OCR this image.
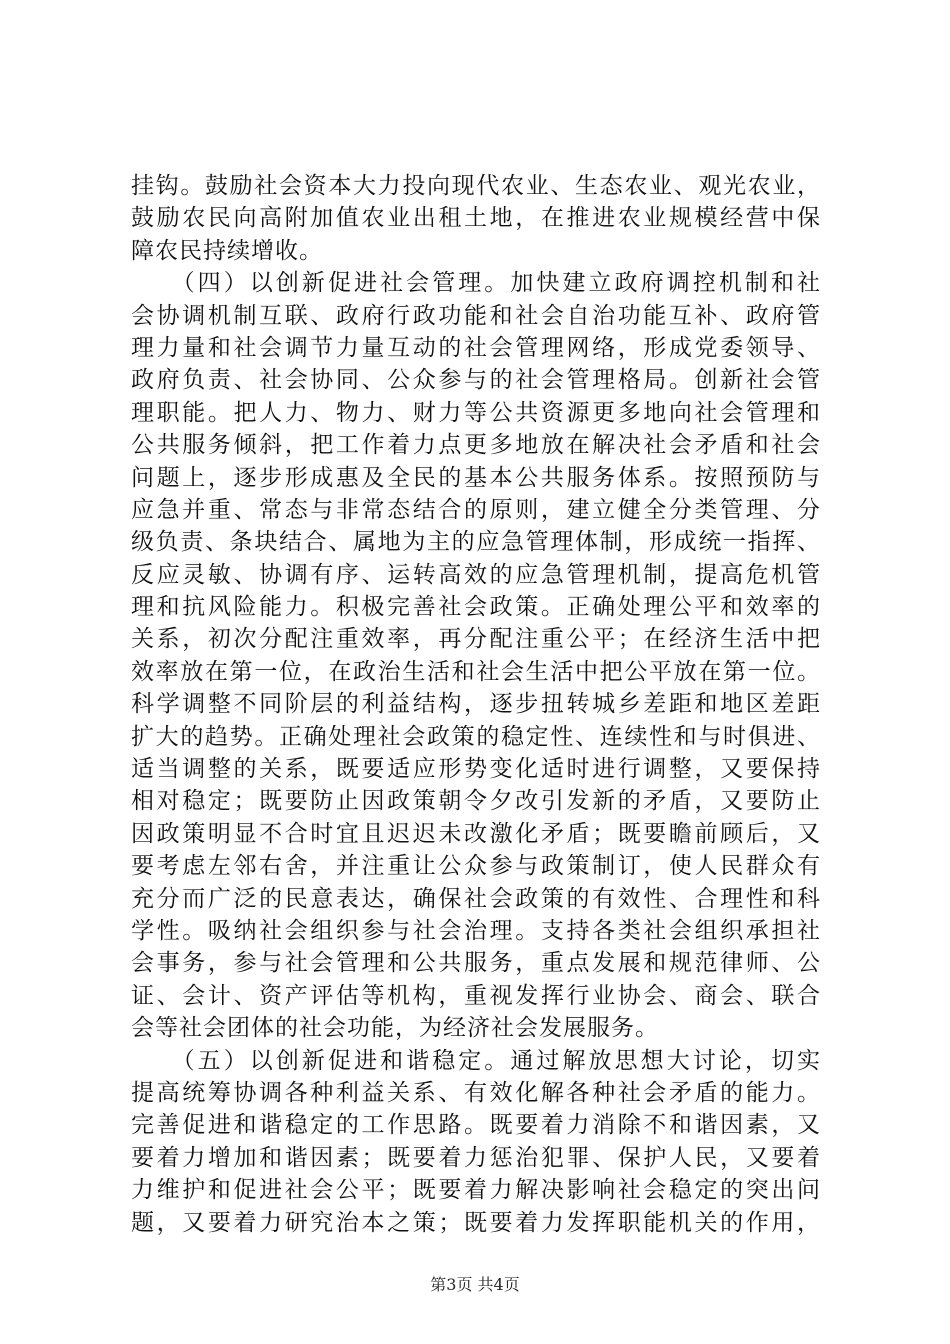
挂钩。鼓励社会资本大力投向现代农业、生态农业、观光农业，
鼓励农民向高附加值农业出租土地，在推进农业规模经营中保
障农民持续增收。
　　（四）以创新促进社会管理。加快建立政府调控机制和社
会协调机制互联、政府行政功能和社会自治功能互补、政府管
理力量和社会调节力量互动的社会管理网络，形成党委领导、
政府负责、社会协同、公众参与的社会管理格局。创新社会管
理职能。把人力、物力、财力等公共资源更多地向社会管理和
公共服务倾斜，把工作着力点更多地放在解决社会矛盾和社会
问题上，逐步形成惠及全民的基本公共服务体系。按照预防与
应急并重、常态与非常态结合的原则，建立健全分类管理、分
级负责、条块结合、属地为主的应急管理体制，形成统一指挥、
反应灵敏、协调有序、运转高效的应急管理机制，提高危机管
理和抗风险能力。积极完善社会政策。正确处理公平和效率的
关系，初次分配注重效率，再分配注重公平；在经济生活中把
效率放在第一位，在政治生活和社会生活中把公平放在第一位。
科学调整不同阶层的利益结构，逐步扭转城乡差距和地区差距
扩大的趋势。正确处理社会政策的稳定性、连续性和与时俱进、
适当调整的关系，既要适应形势变化适时进行调整，又要保持
相对稳定；既要防止因政策朝令夕改引发新的矛盾，又要防止
因政策明显不合时宜且迟迟未改激化矛盾；既要瞻前顾后，又
要考虑左邻右舍，并注重让公众参与政策制订，使人民群众有
充分而广泛的民意表达，确保社会政策的有效性、合理性和科
学性。吸纳社会组织参与社会治理。支持各类社会组织承担社
会事务，参与社会管理和公共服务，重点发展和规范律师、公
证、会计、资产评估等机构，重视发挥行业协会、商会、联合
会等社会团体的社会功能，为经济社会发展服务。
　　（五）以创新促进和谐稳定。通过解放思想大讨论，切实
提高统筹协调各种利益关系、有效化解各种社会矛盾的能力。
完善促进和谐稳定的工作思路。既要着力消除不和谐因素，又
要着力增加和谐因素；既要着力惩治犯罪、保护人民，又要着
力维护和促进社会公平；既要着力解决影响社会稳定的突出问
题，又要着力研究治本之策；既要着力发挥职能机关的作用，
第3页 共4页
